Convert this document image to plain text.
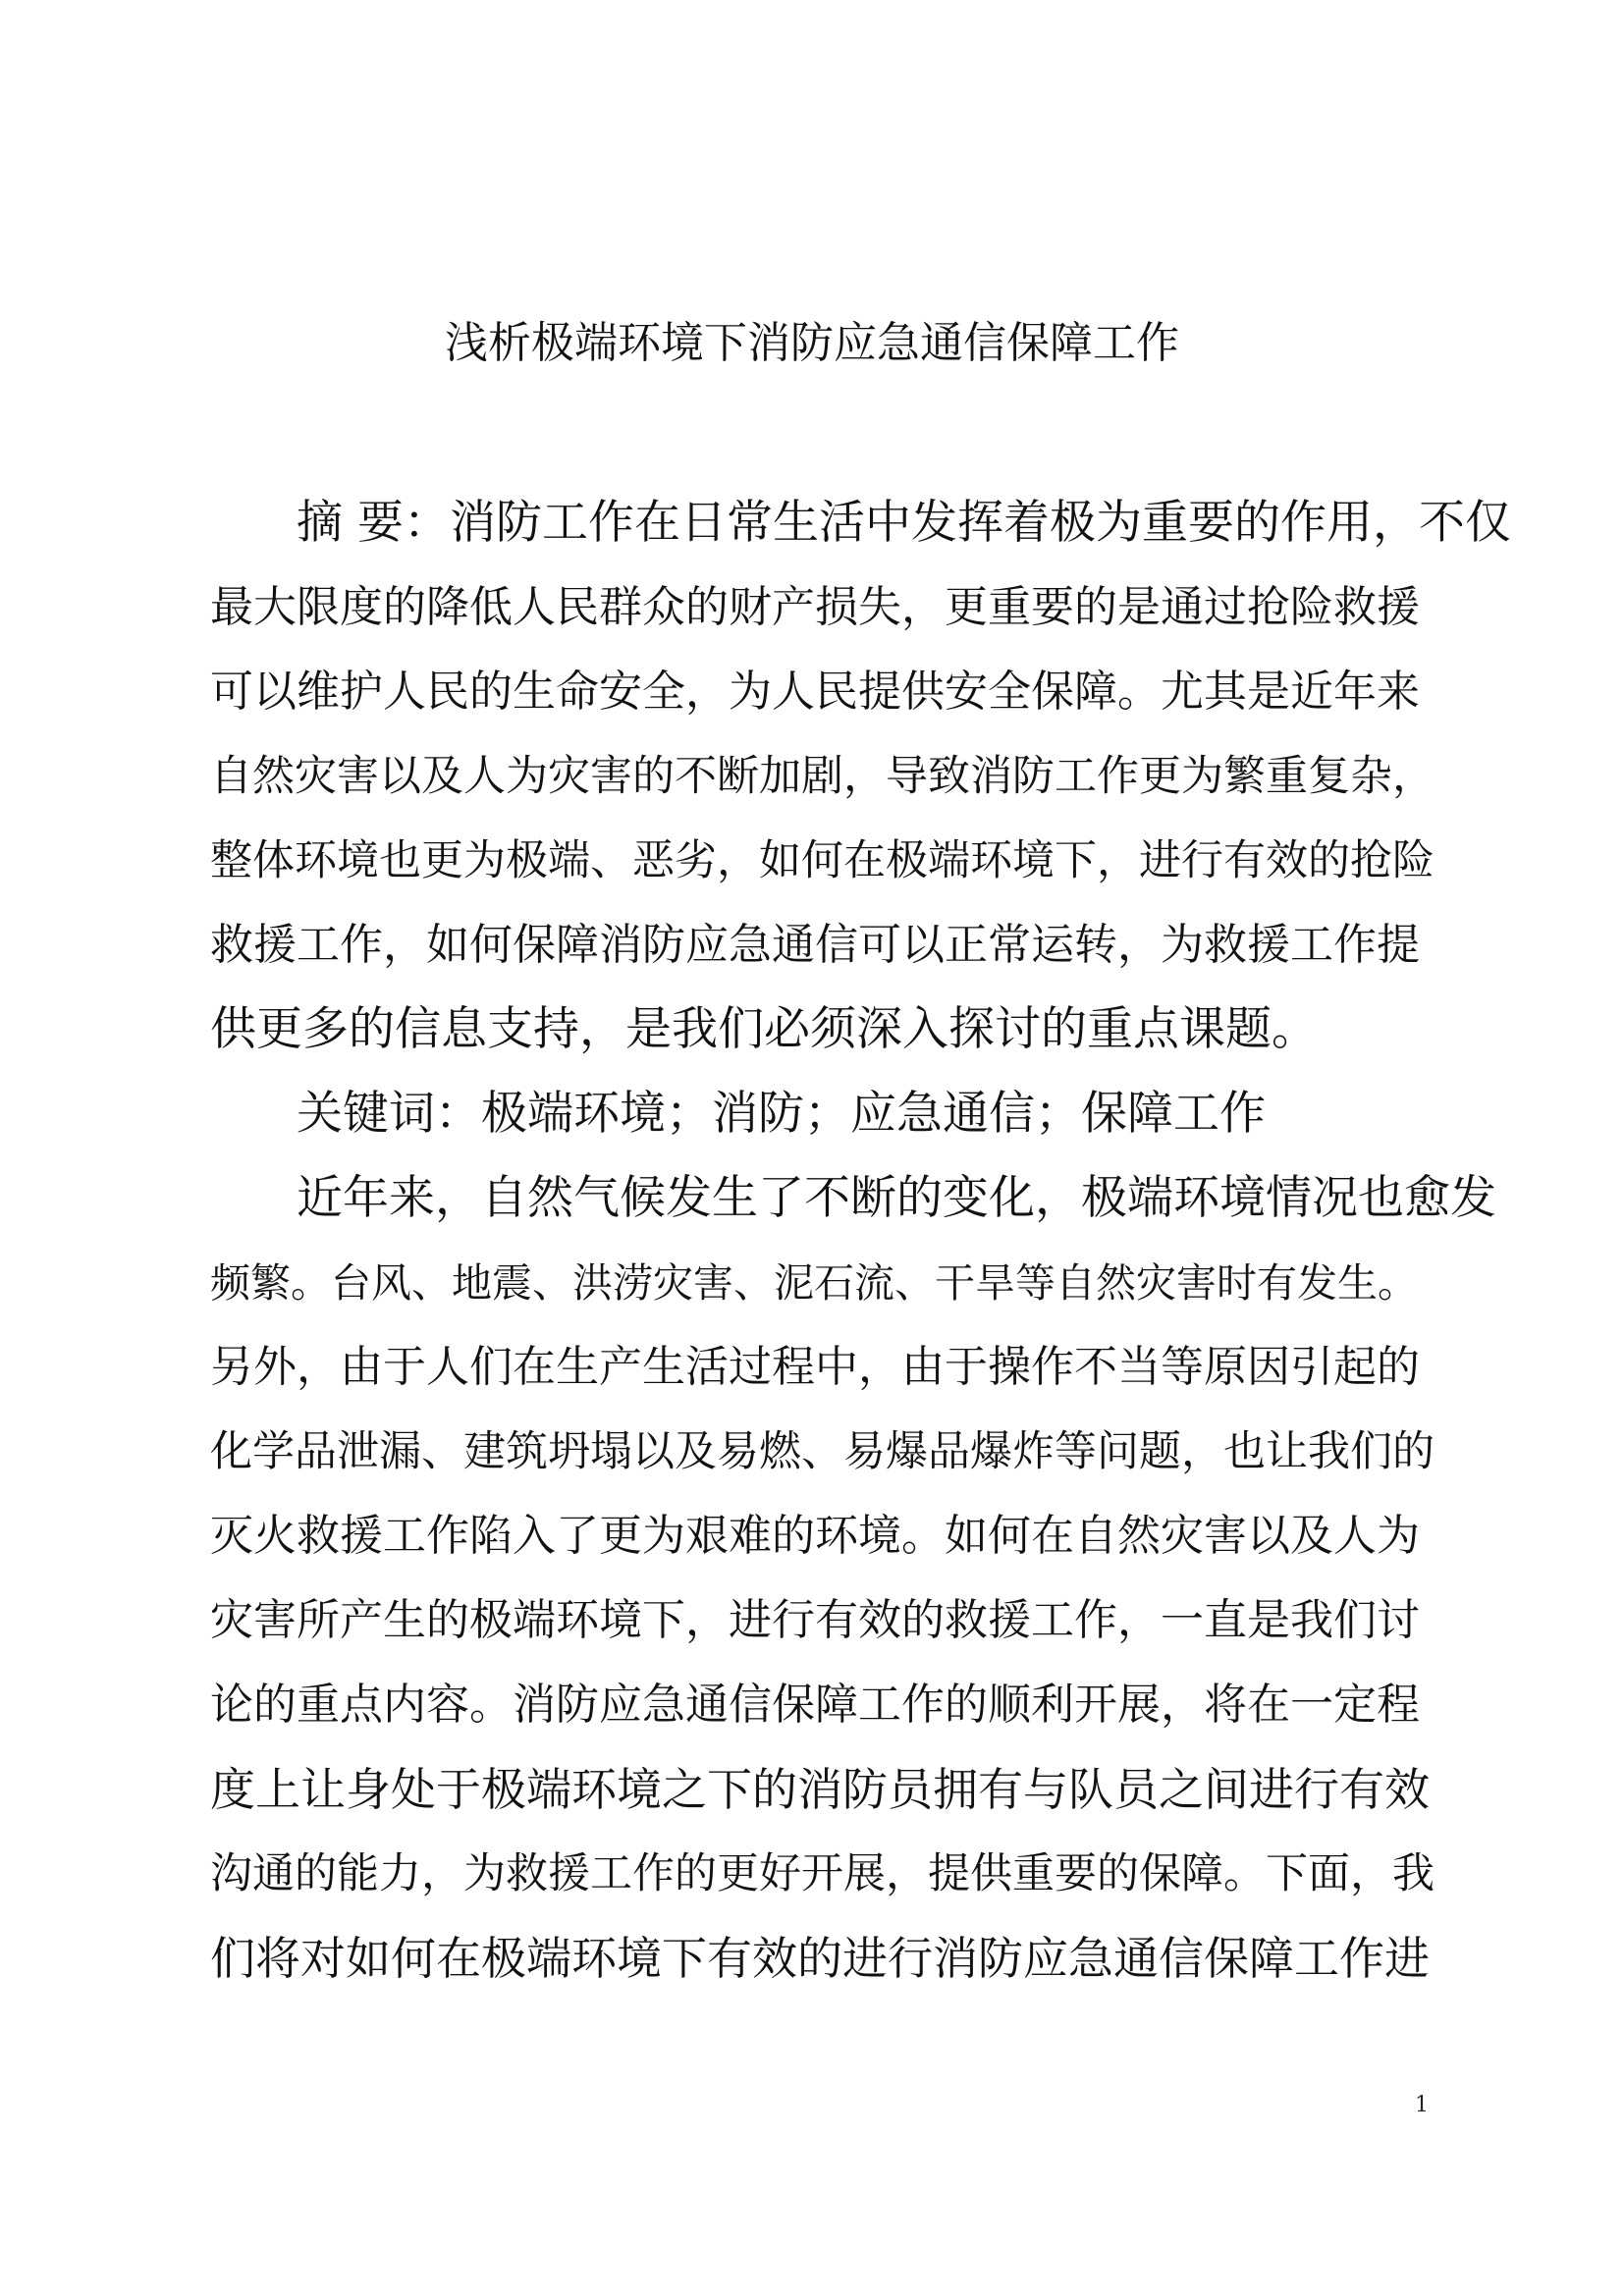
浅析极端环境下消防应急通信保障工作
摘 要：消防工作在日常生活中发挥着极为重要的作用，不仅
最大限度的降低人民群众的财产损失，更重要的是通过抢险救援
可以维护人民的生命安全，为人民提供安全保障。尤其是近年来
自然灾害以及人为灾害的不断加剧，导致消防工作更为繁重复杂，
整体环境也更为极端、恶劣，如何在极端环境下，进行有效的抢险
救援工作，如何保障消防应急通信可以正常运转，为救援工作提
供更多的信息支持，是我们必须深入探讨的重点课题。
关键词：极端环境；消防；应急通信；保障工作
近年来，自然气候发生了不断的变化，极端环境情况也愈发
频繁。台风、地震、洪涝灾害、泥石流、干旱等自然灾害时有发生。
另外，由于人们在生产生活过程中，由于操作不当等原因引起的
化学品泄漏、建筑坍塌以及易燃、易爆品爆炸等问题，也让我们的
灭火救援工作陷入了更为艰难的环境。如何在自然灾害以及人为
灾害所产生的极端环境下，进行有效的救援工作，一直是我们讨
论的重点内容。消防应急通信保障工作的顺利开展，将在一定程
度上让身处于极端环境之下的消防员拥有与队员之间进行有效
沟通的能力，为救援工作的更好开展，提供重要的保障。下面，我
们将对如何在极端环境下有效的进行消防应急通信保障工作进
1
